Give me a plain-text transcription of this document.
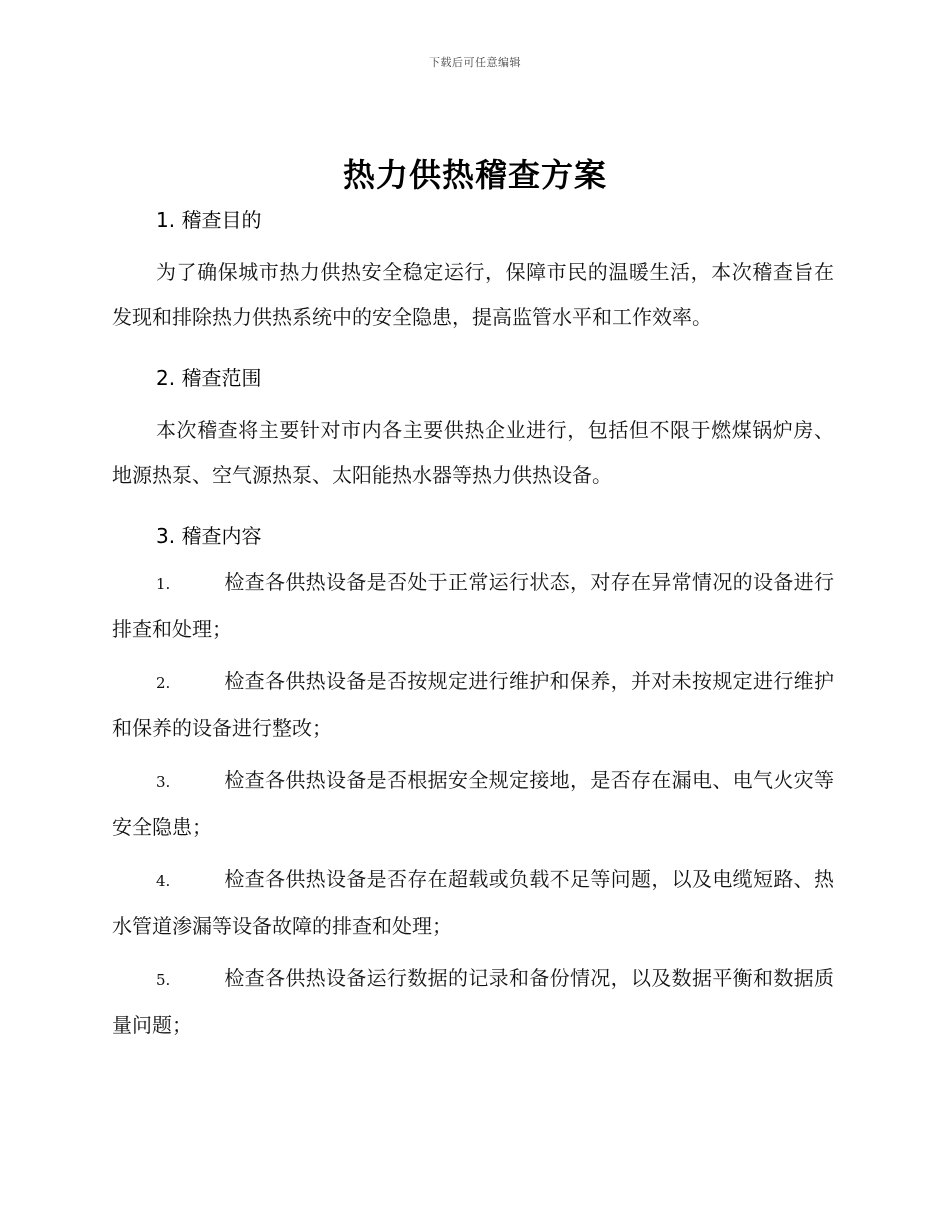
下载后可任意编辑
热力供热稽查方案
1. 稽查目的
为了确保城市热力供热安全稳定运行，保障市民的温暖生活，本次稽查旨在发现和排除热力供热系统中的安全隐患，提高监管水平和工作效率。
2. 稽查范围
本次稽查将主要针对市内各主要供热企业进行，包括但不限于燃煤锅炉房、地源热泵、空气源热泵、太阳能热水器等热力供热设备。
3. 稽查内容
1.	检查各供热设备是否处于正常运行状态，对存在异常情况的设备进行排查和处理；
2.	检查各供热设备是否按规定进行维护和保养，并对未按规定进行维护和保养的设备进行整改；
3.	检查各供热设备是否根据安全规定接地，是否存在漏电、电气火灾等安全隐患；
4.	检查各供热设备是否存在超载或负载不足等问题，以及电缆短路、热水管道渗漏等设备故障的排查和处理；
5.	检查各供热设备运行数据的记录和备份情况，以及数据平衡和数据质量问题；
